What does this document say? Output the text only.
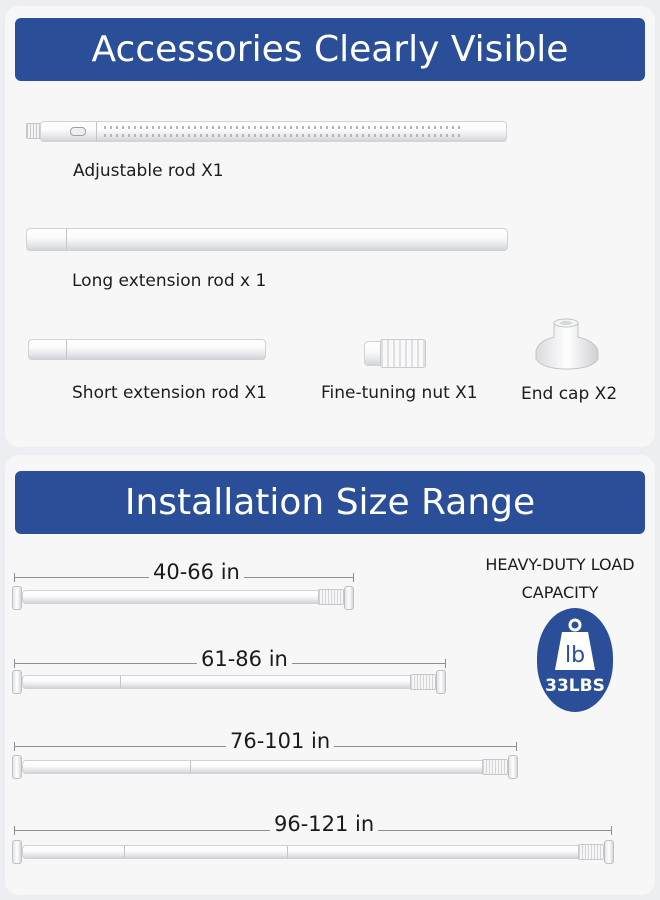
Accessories Clearly Visible
Adjustable rod X1
Long extension rod x 1
Short extension rod X1	Fine-tuning nut X1	End cap X2
Installation Size Range
40-66 in
61-86 in
76-101 in
96-121 in
HEAVY-DUTY LOAD
CAPACITY
lb
33LBS
